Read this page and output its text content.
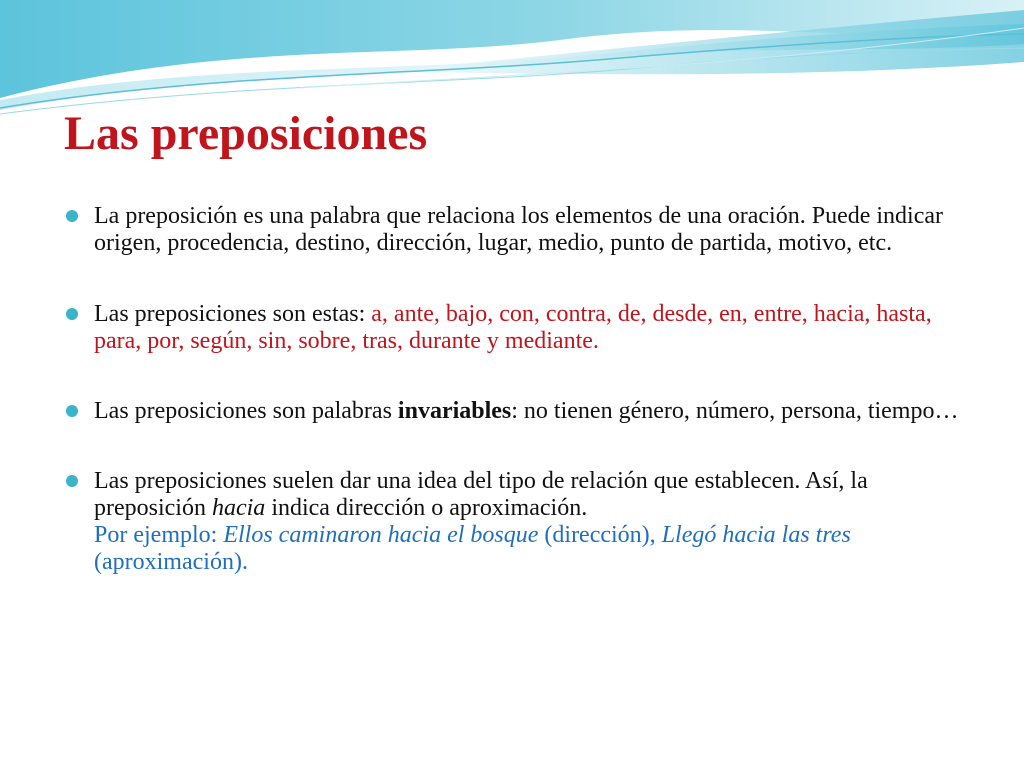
Las preposiciones
La preposición es una palabra que relaciona los elementos de una oración. Puede indicar origen, procedencia, destino, dirección, lugar, medio, punto de partida, motivo, etc.
Las preposiciones son estas: a, ante, bajo, con, contra, de, desde, en, entre, hacia, hasta, para, por, según, sin, sobre, tras, durante y mediante.
Las preposiciones son palabras invariables: no tienen género, número, persona, tiempo…
Las preposiciones suelen dar una idea del tipo de relación que establecen. Así, la preposición hacia indica dirección o aproximación.
Por ejemplo: Ellos caminaron hacia el bosque (dirección), Llegó hacia las tres (aproximación).
